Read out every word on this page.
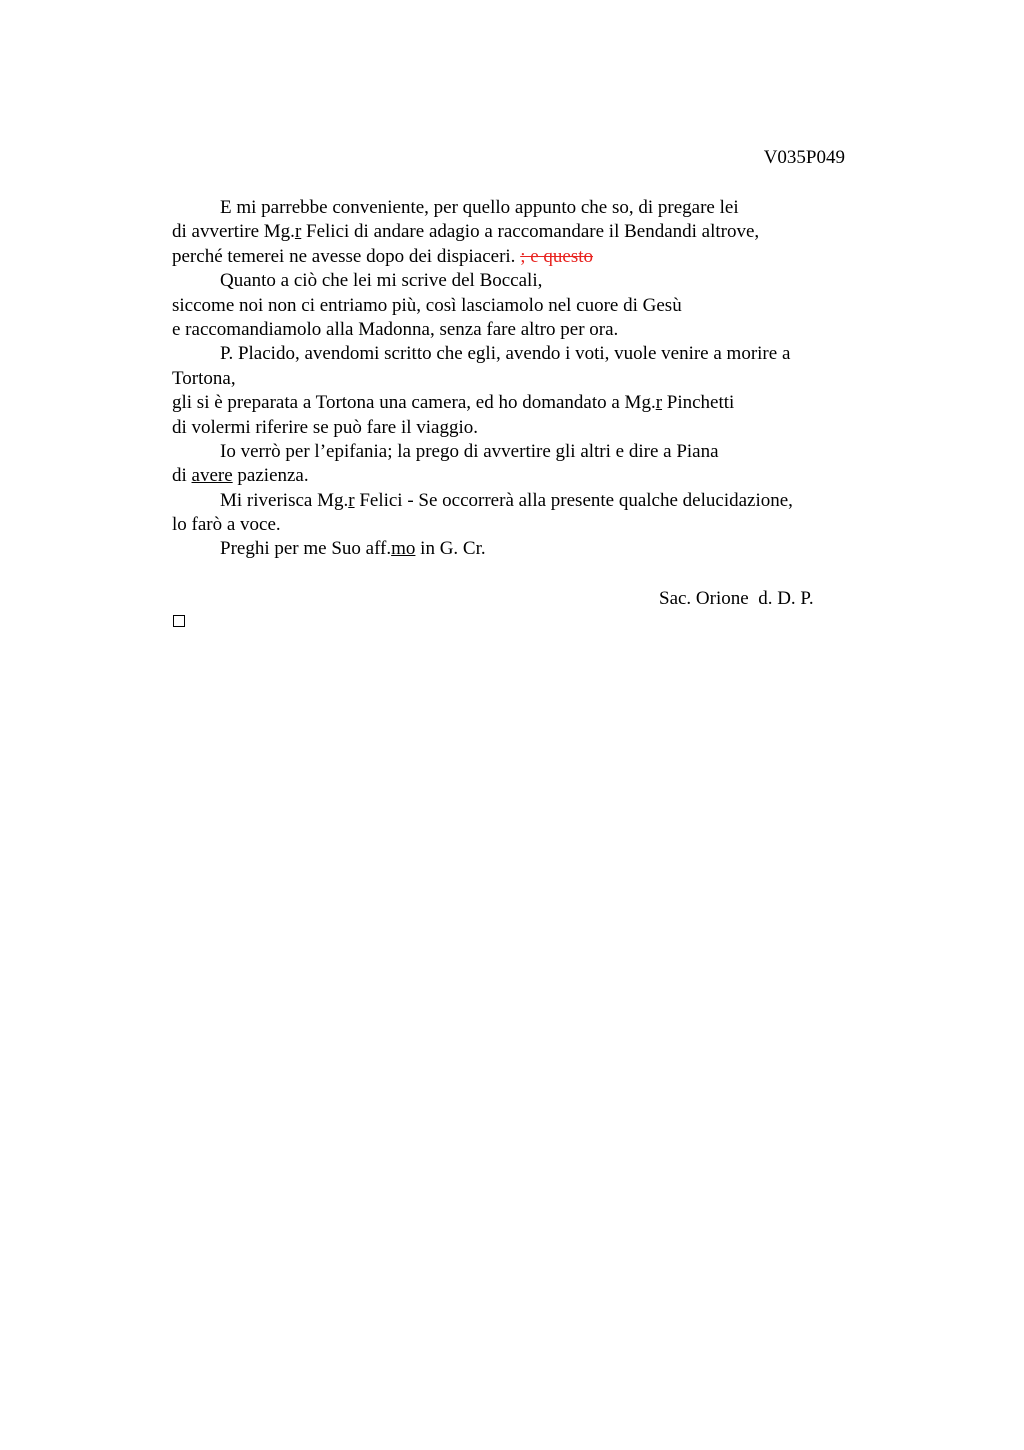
V035P049
E mi parrebbe conveniente, per quello appunto che so, di pregare lei
di avvertire Mg.r Felici di andare adagio a raccomandare il Bendandi altrove,
perché temerei ne avesse dopo dei dispiaceri. ; e questo
Quanto a ciò che lei mi scrive del Boccali,
siccome noi non ci entriamo più, così lasciamolo nel cuore di Gesù
e raccomandiamolo alla Madonna, senza fare altro per ora.
P. Placido, avendomi scritto che egli, avendo i voti, vuole venire a morire a
Tortona,
gli si è preparata a Tortona una camera, ed ho domandato a Mg.r Pinchetti
di volermi riferire se può fare il viaggio.
Io verrò per l’epifania; la prego di avvertire gli altri e dire a Piana
di avere pazienza.
Mi riverisca Mg.r Felici - Se occorrerà alla presente qualche delucidazione,
lo farò a voce.
Preghi per me Suo aff.mo in G. Cr.
Sac. Orione  d. D. P.
